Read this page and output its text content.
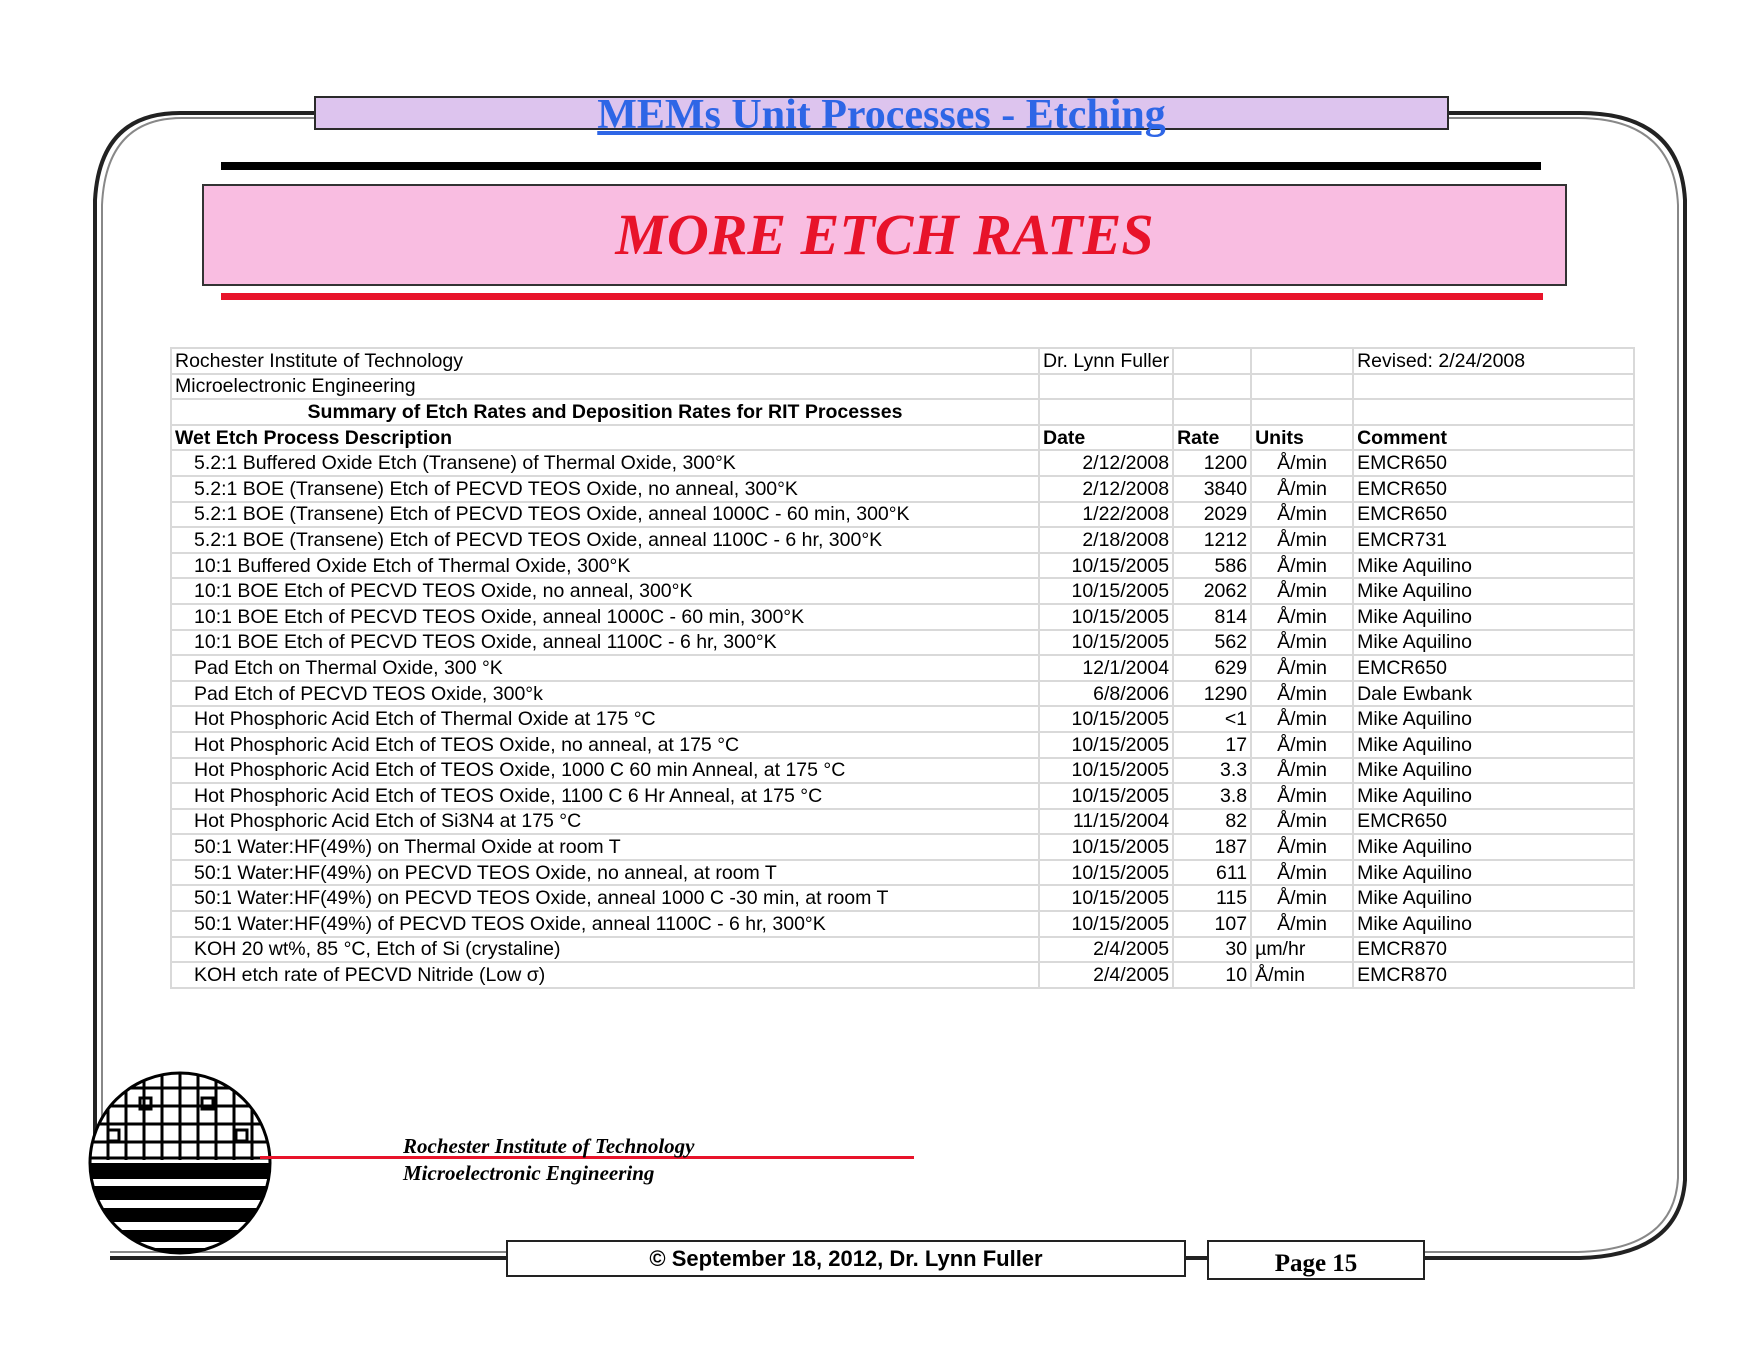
MEMs Unit Processes - Etching
MORE ETCH RATES
Rochester Institute of Technology	Dr. Lynn Fuller			Revised: 2/24/2008
Microelectronic Engineering				
Summary of Etch Rates and Deposition Rates for RIT Processes				
Wet Etch Process Description	Date	Rate	Units	Comment
5.2:1 Buffered Oxide Etch (Transene) of Thermal Oxide, 300°K	2/12/2008	1200	Å/min	EMCR650
5.2:1 BOE (Transene) Etch of PECVD TEOS Oxide, no anneal, 300°K	2/12/2008	3840	Å/min	EMCR650
5.2:1 BOE (Transene) Etch of PECVD TEOS Oxide, anneal 1000C - 60 min, 300°K	1/22/2008	2029	Å/min	EMCR650
5.2:1 BOE (Transene) Etch of PECVD TEOS Oxide, anneal 1100C - 6 hr, 300°K	2/18/2008	1212	Å/min	EMCR731
10:1 Buffered Oxide Etch of Thermal Oxide, 300°K	10/15/2005	586	Å/min	Mike Aquilino
10:1 BOE Etch of PECVD TEOS Oxide, no anneal, 300°K	10/15/2005	2062	Å/min	Mike Aquilino
10:1 BOE Etch of PECVD TEOS Oxide, anneal 1000C - 60 min, 300°K	10/15/2005	814	Å/min	Mike Aquilino
10:1 BOE Etch of PECVD TEOS Oxide, anneal 1100C - 6 hr, 300°K	10/15/2005	562	Å/min	Mike Aquilino
Pad Etch on Thermal Oxide, 300 °K	12/1/2004	629	Å/min	EMCR650
Pad Etch of PECVD TEOS Oxide, 300°k	6/8/2006	1290	Å/min	Dale Ewbank
Hot Phosphoric Acid Etch of Thermal Oxide at 175 °C	10/15/2005	<1	Å/min	Mike Aquilino
Hot Phosphoric Acid Etch of TEOS Oxide, no anneal, at 175 °C	10/15/2005	17	Å/min	Mike Aquilino
Hot Phosphoric Acid Etch of TEOS Oxide, 1000 C 60 min Anneal, at 175 °C	10/15/2005	3.3	Å/min	Mike Aquilino
Hot Phosphoric Acid Etch of TEOS Oxide, 1100 C 6 Hr Anneal, at 175 °C	10/15/2005	3.8	Å/min	Mike Aquilino
Hot Phosphoric Acid Etch of Si3N4 at 175 °C	11/15/2004	82	Å/min	EMCR650
50:1 Water:HF(49%) on Thermal Oxide at room T	10/15/2005	187	Å/min	Mike Aquilino
50:1 Water:HF(49%) on PECVD TEOS Oxide, no anneal, at room T	10/15/2005	611	Å/min	Mike Aquilino
50:1 Water:HF(49%) on PECVD TEOS Oxide, anneal 1000 C -30 min, at room T	10/15/2005	115	Å/min	Mike Aquilino
50:1 Water:HF(49%) of PECVD TEOS Oxide, anneal 1100C - 6 hr, 300°K	10/15/2005	107	Å/min	Mike Aquilino
KOH 20 wt%, 85 °C, Etch of Si (crystaline)	2/4/2005	30	µm/hr	EMCR870
KOH etch rate of PECVD Nitride (Low σ)	2/4/2005	10	Å/min	EMCR870
Rochester Institute of Technology
Microelectronic Engineering
© September 18, 2012, Dr. Lynn Fuller	Page 15
